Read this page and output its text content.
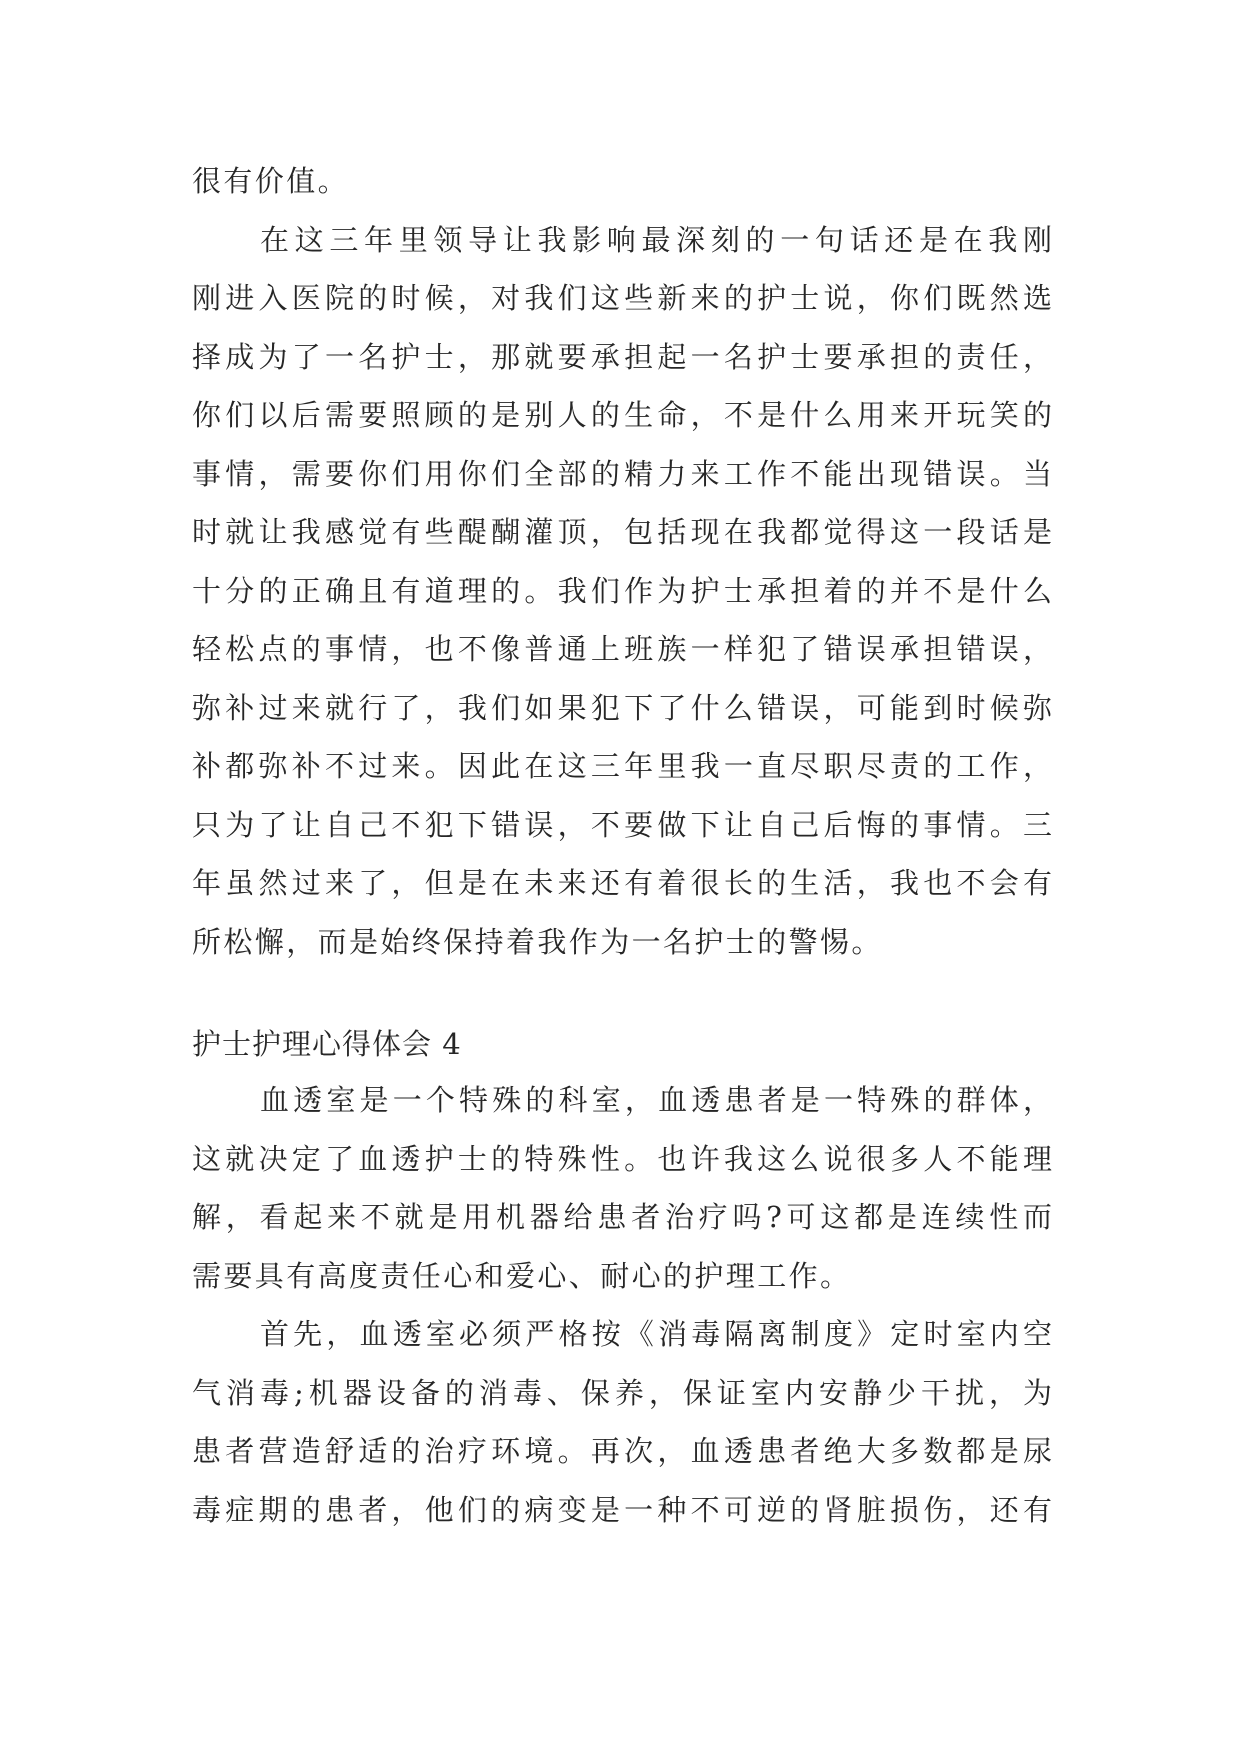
很有价值。
在这三年里领导让我影响最深刻的一句话还是在我刚
刚进入医院的时候，对我们这些新来的护士说，你们既然选
择成为了一名护士，那就要承担起一名护士要承担的责任，
你们以后需要照顾的是别人的生命，不是什么用来开玩笑的
事情，需要你们用你们全部的精力来工作不能出现错误。当
时就让我感觉有些醍醐灌顶，包括现在我都觉得这一段话是
十分的正确且有道理的。我们作为护士承担着的并不是什么
轻松点的事情，也不像普通上班族一样犯了错误承担错误，
弥补过来就行了，我们如果犯下了什么错误，可能到时候弥
补都弥补不过来。因此在这三年里我一直尽职尽责的工作，
只为了让自己不犯下错误，不要做下让自己后悔的事情。三
年虽然过来了，但是在未来还有着很长的生活，我也不会有
所松懈，而是始终保持着我作为一名护士的警惕。
护士护理心得体会 4
血透室是一个特殊的科室，血透患者是一特殊的群体，
这就决定了血透护士的特殊性。也许我这么说很多人不能理
解，看起来不就是用机器给患者治疗吗?可这都是连续性而
需要具有高度责任心和爱心、耐心的护理工作。
首先，血透室必须严格按《消毒隔离制度》定时室内空
气消毒;机器设备的消毒、保养，保证室内安静少干扰，为
患者营造舒适的治疗环境。再次，血透患者绝大多数都是尿
毒症期的患者，他们的病变是一种不可逆的肾脏损伤，还有
